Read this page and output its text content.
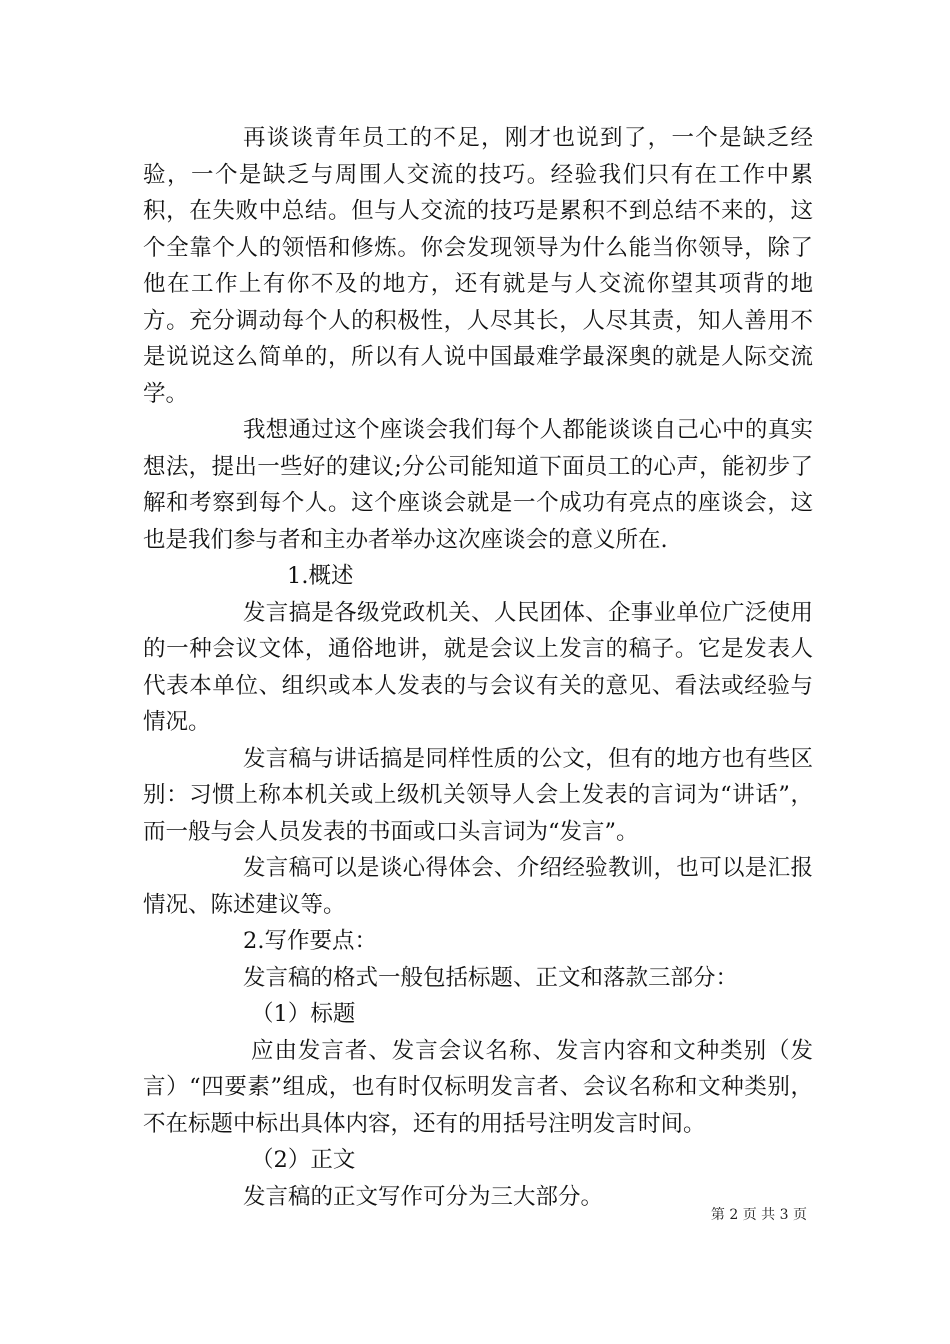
再谈谈青年员工的不足，刚才也说到了，一个是缺乏经验，一个是缺乏与周围人交流的技巧。经验我们只有在工作中累积，在失败中总结。但与人交流的技巧是累积不到总结不来的，这个全靠个人的领悟和修炼。你会发现领导为什么能当你领导，除了他在工作上有你不及的地方，还有就是与人交流你望其项背的地方。充分调动每个人的积极性，人尽其长，人尽其责，知人善用不是说说这么简单的，所以有人说中国最难学最深奥的就是人际交流学。

我想通过这个座谈会我们每个人都能谈谈自己心中的真实想法，提出一些好的建议;分公司能知道下面员工的心声，能初步了解和考察到每个人。这个座谈会就是一个成功有亮点的座谈会，这也是我们参与者和主办者举办这次座谈会的意义所在.

1.概述

发言搞是各级党政机关、人民团体、企事业单位广泛使用的一种会议文体，通俗地讲，就是会议上发言的稿子。它是发表人代表本单位、组织或本人发表的与会议有关的意见、看法或经验与情况。

发言稿与讲话搞是同样性质的公文，但有的地方也有些区别：习惯上称本机关或上级机关领导人会上发表的言词为“讲话”，而一般与会人员发表的书面或口头言词为“发言”。

发言稿可以是谈心得体会、介绍经验教训，也可以是汇报情况、陈述建议等。

2.写作要点：

发言稿的格式一般包括标题、正文和落款三部分：

（1）标题

应由发言者、发言会议名称、发言内容和文种类别（发言）“四要素”组成，也有时仅标明发言者、会议名称和文种类别，不在标题中标出具体内容，还有的用括号注明发言时间。

（2）正文

发言稿的正文写作可分为三大部分。

第 2 页 共 3 页
